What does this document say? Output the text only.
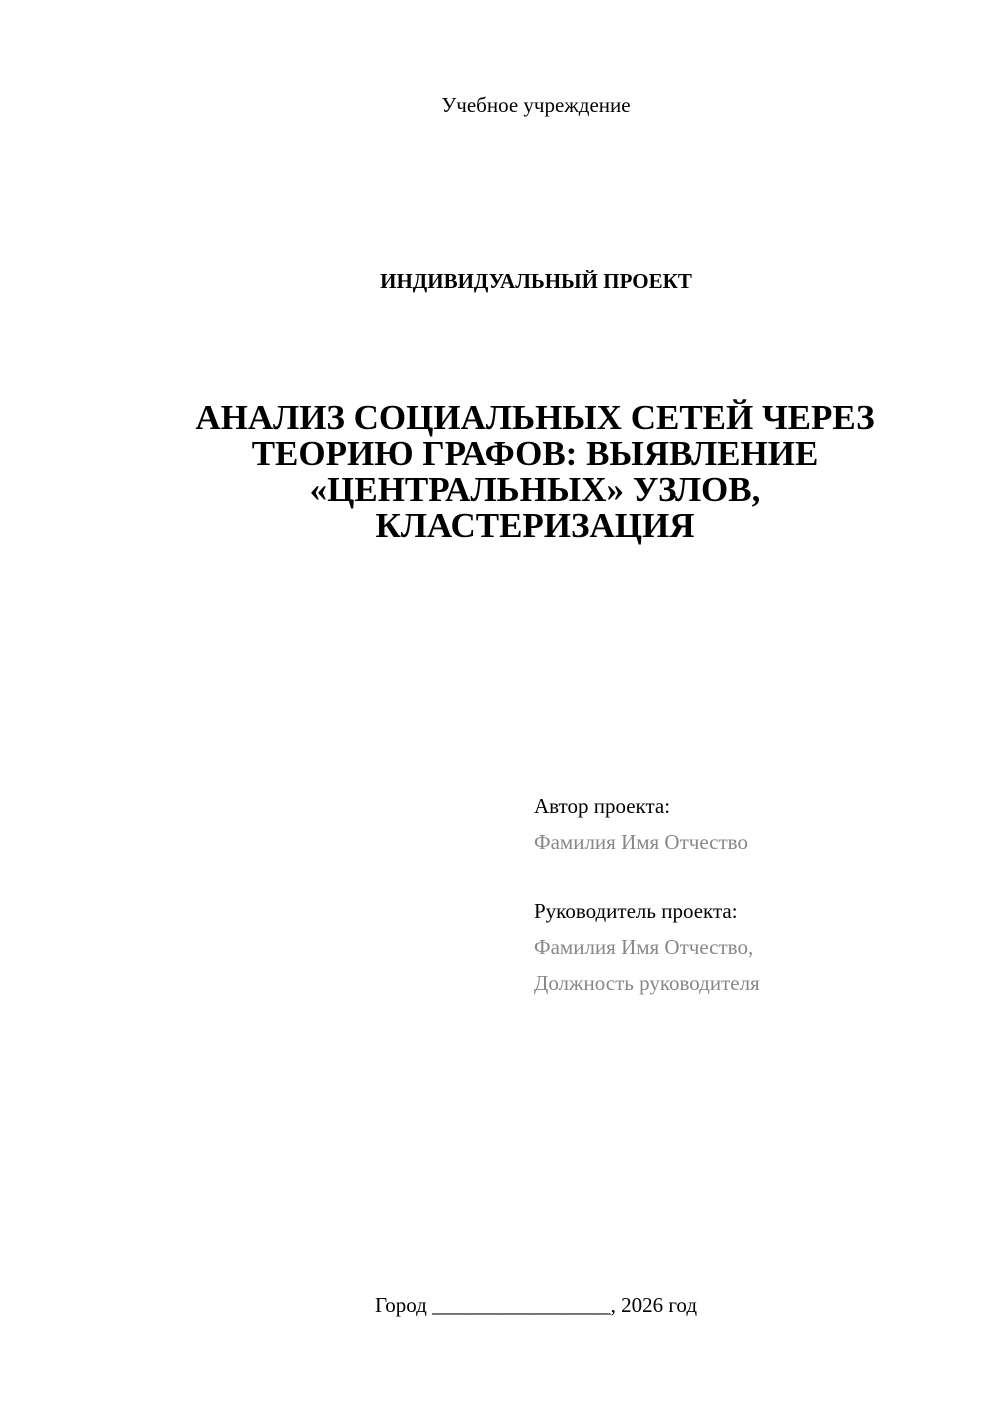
Учебное учреждение
ИНДИВИДУАЛЬНЫЙ ПРОЕКТ
АНАЛИЗ СОЦИАЛЬНЫХ СЕТЕЙ ЧЕРЕЗ
ТЕОРИЮ ГРАФОВ: ВЫЯВЛЕНИЕ
«ЦЕНТРАЛЬНЫХ» УЗЛОВ,
КЛАСТЕРИЗАЦИЯ
Автор проекта:
Фамилия Имя Отчество
Руководитель проекта:
Фамилия Имя Отчество,
Должность руководителя
Город _________________, 2026 год
